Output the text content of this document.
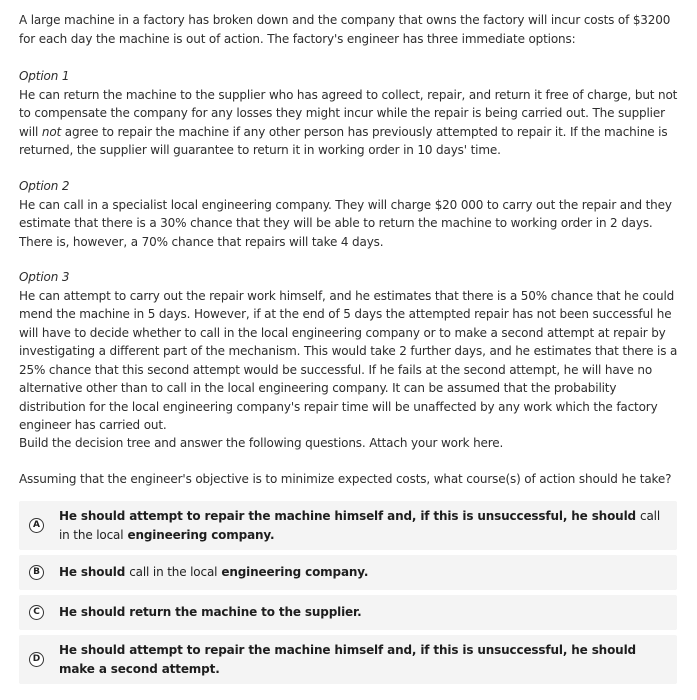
A large machine in a factory has broken down and the company that owns the factory will incur costs of $3200 for each day the machine is out of action. The factory's engineer has three immediate options:

Option 1
He can return the machine to the supplier who has agreed to collect, repair, and return it free of charge, but not to compensate the company for any losses they might incur while the repair is being carried out. The supplier will not agree to repair the machine if any other person has previously attempted to repair it. If the machine is returned, the supplier will guarantee to return it in working order in 10 days' time.

Option 2
He can call in a specialist local engineering company. They will charge $20 000 to carry out the repair and they estimate that there is a 30% chance that they will be able to return the machine to working order in 2 days. There is, however, a 70% chance that repairs will take 4 days.

Option 3
He can attempt to carry out the repair work himself, and he estimates that there is a 50% chance that he could mend the machine in 5 days. However, if at the end of 5 days the attempted repair has not been successful he will have to decide whether to call in the local engineering company or to make a second attempt at repair by investigating a different part of the mechanism. This would take 2 further days, and he estimates that there is a 25% chance that this second attempt would be successful. If he fails at the second attempt, he will have no alternative other than to call in the local engineering company. It can be assumed that the probability distribution for the local engineering company's repair time will be unaffected by any work which the factory engineer has carried out.

Build the decision tree and answer the following questions. Attach your work here.

Assuming that the engineer's objective is to minimize expected costs, what course(s) of action should he take?

A
He should attempt to repair the machine himself and, if this is unsuccessful, he should call in the local engineering company.
B	He should call in the local engineering company.
C	He should return the machine to the supplier.
D
He should attempt to repair the machine himself and, if this is unsuccessful, he should make a second attempt.
